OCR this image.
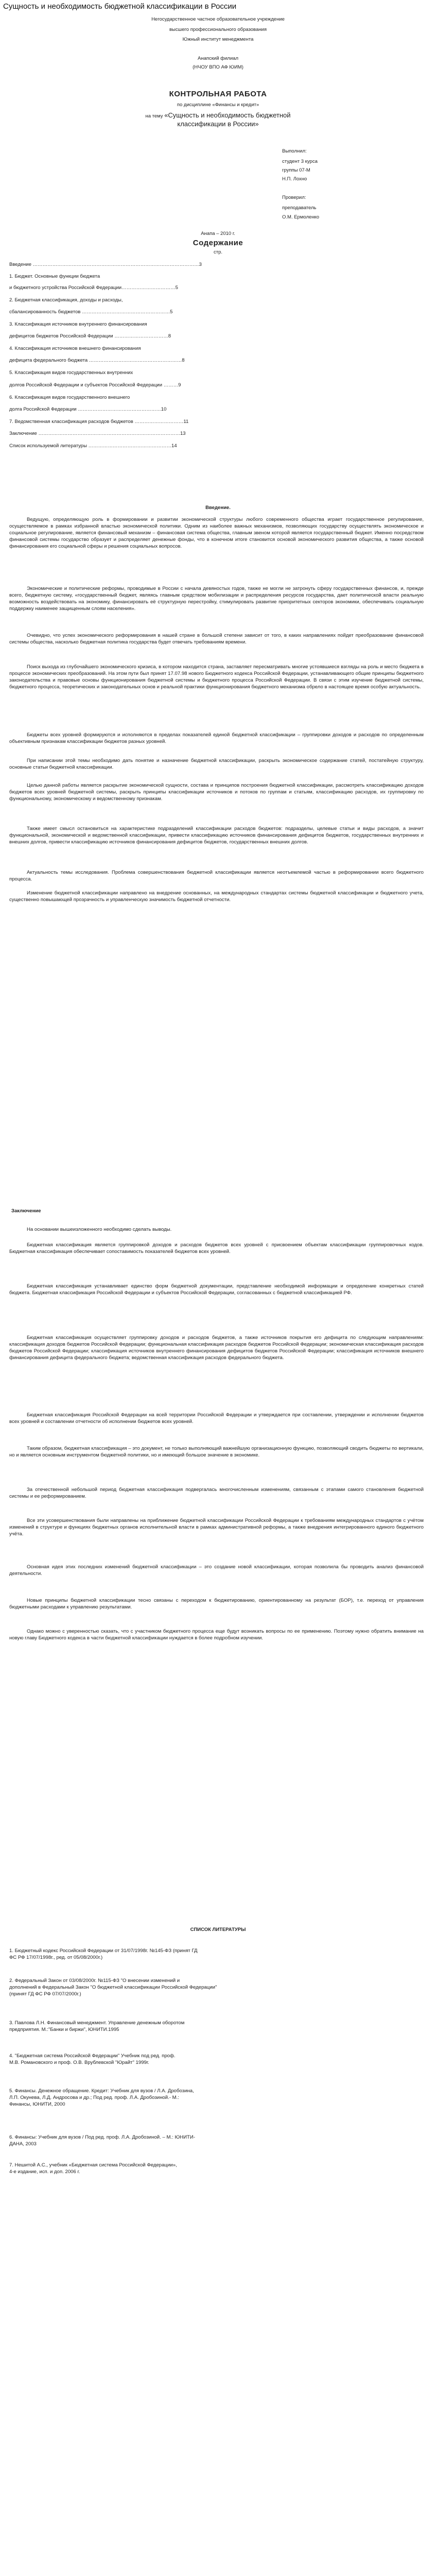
Сущность и необходимость бюджетной классификации в России
Негосударственное частное образовательное учреждение
высшего профессионального образования
Южный институт менеджмента
Анапский филиал
(НЧОУ ВПО АФ ЮИМ)
КОНТРОЛЬНАЯ РАБОТА
по дисциплине «Финансы и кредит»
на тему «Сущность и необходимость бюджетной
классификации в России»
Выполнил:
студент 3 курса
группы 07-М
Н.П. Лохно
Проверил:
преподаватель
О.М. Ермоленко
Анапа – 2010 г.
Содержание
стр.
Введение …………………………………………………………………………………………3
1. Бюджет. Основные функции бюджета
и бюджетного устройства Российской Федерации……………………………5
2. Бюджетная классификация, доходы и расходы,
сбалансированность бюджетов ………………………………………………5
3. Классификация источников внутреннего финансирования
дефицитов бюджетов Российской Федерации ……………………………8
4. Классификация источников внешнего финансирования
дефицита федерального бюджета …………………………………………………8
5. Классификация видов государственных внутренних
долгов Российской Федерации и субъектов Российской Федерации ………9
6. Классификация видов государственного внешнего
долга Российской Федерации ……………………………………………10
7. Ведомственная классификация расходов бюджетов …………………………11
Заключение ……………………………………………………………………………13
Список используемой литературы ……………………………………………14
Введение.
Ведущую, определяющую роль в формировании и развитии экономической структуры любого современного общества играет государственное регулирование, осуществляемое в рамках избранной властью экономической политики. Одним из наиболее важных механизмов, позволяющих государству осуществлять экономическое и социальное регулирование, является финансовый механизм – финансовая система общества, главным звеном которой является государственный бюджет. Именно посредством финансовой системы государство образует и распределяет денежные фонды, что в конечном итоге становится основой экономического развития общества, а также основой финансирования его социальной сферы и решения социальных вопросов.
Экономические и политические реформы, проводимые в России с начала девяностых годов, также не могли не затронуть сферу государственных финансов, и, прежде всего, бюджетную систему, «государственный бюджет, являясь главным средством мобилизации и распределения ресурсов государства, дает политической власти реальную возможность воздействовать на экономику, финансировать её структурную перестройку, стимулировать развитие приоритетных секторов экономики, обеспечивать социальную поддержку наименее защищенным слоям населения».
Очевидно, что успех экономического реформирования в нашей стране в большой степени зависит от того, в каких направлениях пойдет преобразование финансовой системы общества, насколько бюджетная политика государства будет отвечать требованиям времени.
Поиск выхода из глубочайшего экономического кризиса, в котором находится страна, заставляет пересматривать многие устоявшиеся взгляды на роль и место бюджета в процессе экономических преобразований. На этом пути был принят 17.07.98 нового Бюджетного кодекса Российской Федерации, устанавливающего общие принципы бюджетного законодательства и правовые основы функционирования бюджетной системы и бюджетного процесса Российской Федерации. В связи с этим изучение бюджетной системы, бюджетного процесса, теоретических и законодательных основ и реальной практики функционирования бюджетного механизма обрело в настоящее время особую актуальность.
Бюджеты всех уровней формируются и исполняются в пределах показателей единой бюджетной классификации – группировки доходов и расходов по определенным объективным признакам классификации бюджетов разных уровней.
При написании этой темы необходимо дать понятие и назначение бюджетной классификации, раскрыть экономическое содержание статей, постатейную структуру, основные статьи бюджетной классификации.
Целью данной работы является раскрытие экономической сущности, состава и принципов построения бюджетной классификации, рассмотреть классификацию доходов бюджетов всех уровней бюджетной системы, раскрыть принципы классификации источников и потоков по группам и статьям, классификацию расходов, их группировку по функциональному, экономическому и ведомственному признакам.
Также имеет смысл остановиться на характеристике подразделений классификации расходов бюджетов: подразделы, целевые статьи и виды расходов, а значит функциональной, экономической и ведомственной классификации, привести классификацию источников финансирования дефицитов бюджетов, государственных внутренних и внешних долгов, привести классификацию источников финансирования дефицитов бюджетов, государственных внешних долгов.
Актуальность темы исследования. Проблема совершенствования бюджетной классификации является неотъемлемой частью в реформировании всего бюджетного процесса.
Изменение бюджетной классификации направлено на внедрение основанных, на международных стандартах системы бюджетной классификации и бюджетного учета, существенно повышающей прозрачность и управленческую значимость бюджетной отчетности.
Заключение
На основании вышеизложенного необходимо сделать выводы.
Бюджетная классификация является группировкой доходов и расходов бюджетов всех уровней с присвоением объектам классификации группировочных кодов. Бюджетная классификация обеспечивает сопоставимость показателей бюджетов всех уровней.
Бюджетная классификация устанавливает единство форм бюджетной документации, представление необходимой информации и определение конкретных статей бюджета. Бюджетная классификация Российской Федерации и субъектов Российской Федерации, согласованных с бюджетной классификацией РФ.
Бюджетная классификация осуществляет группировку доходов и расходов бюджетов, а также источников покрытия его дефицита по следующим направлениям: классификация доходов бюджетов Российской Федерации; функциональная классификация расходов бюджетов Российской Федерации; экономическая классификация расходов бюджетов Российской Федерации; классификация источников внутреннего финансирования дефицитов бюджетов Российской Федерации; классификация источников внешнего финансирования дефицита федерального бюджета; ведомственная классификация расходов федерального бюджета.
Бюджетная классификация Российской Федерации на всей территории Российской Федерации и утверждается при составлении, утверждении и исполнении бюджетов всех уровней и составлении отчетности об исполнении бюджетов всех уровней.
Таким образом, бюджетная классификация – это документ, не только выполняющий важнейшую организационную функцию, позволяющий сводить бюджеты по вертикали, но и является основным инструментом бюджетной политики, но и имеющий большое значение в экономике.
За отечественной небольшой период бюджетная классификация подвергалась многочисленным изменениям, связанным с этапами самого становления бюджетной системы и ее реформированием.
Все эти усовершенствования были направлены на приближение бюджетной классификации Российской Федерации к требованиям международных стандартов с учётом изменений в структуре и функциях бюджетных органов исполнительной власти в рамках административной реформы, а также внедрения интегрированного единого бюджетного учёта.
Основная идея этих последних изменений бюджетной классификации – это создание новой классификации, которая позволила бы проводить анализ финансовой деятельности.
Новые принципы бюджетной классификации тесно связаны с переходом к бюджетированию, ориентированному на результат (БОР), т.е. переход от управления бюджетными расходами к управлению результатами.
Однако можно с уверенностью сказать, что с участником бюджетного процесса еще будут возникать вопросы по ее применению. Поэтому нужно обратить внимание на новую главу Бюджетного кодекса в части бюджетной классификации нуждается в более подробном изучении.
СПИСОК ЛИТЕРАТУРЫ
1. Бюджетный кодекс Российской Федерации от 31/07/1998г. №145-ФЗ (принят ГД
ФС РФ 17/07/1998г., ред. от 05/08/2000г.)
2. Федеральный Закон от 03/08/2000г. №115-ФЗ "О внесении изменений и
дополнений в Федеральный Закон "О бюджетной классификации Российской Федерации"
(принят ГД ФС РФ 07/07/2000г.)
3. Павлова Л.Н. Финансовый менеджмент. Управление денежным оборотом
предприятия. М.:"Банки и биржи", ЮНИТИ.1995
4. "Бюджетная система Российской Федерации" Учебник под ред. проф.
М.В. Романовского и проф. О.В. Врублевской "Юрайт" 1999г.
5. Финансы. Денежное обращение. Кредит: Учебник для вузов / Л.А. Дробозина,
Л.П. Окунева, Л.Д. Андросова и др.; Под ред. проф. Л.А. Дробозиной.- М.:
Финансы, ЮНИТИ, 2000
6. Финансы: Учебник для вузов / Под ред. проф. Л.А. Дробозиной. – М.: ЮНИТИ-
ДАНА, 2003
7. Нешитой А.С., учебник «Бюджетная система Российской Федерации»,
4-е издание, исп. и доп. 2006 г.
